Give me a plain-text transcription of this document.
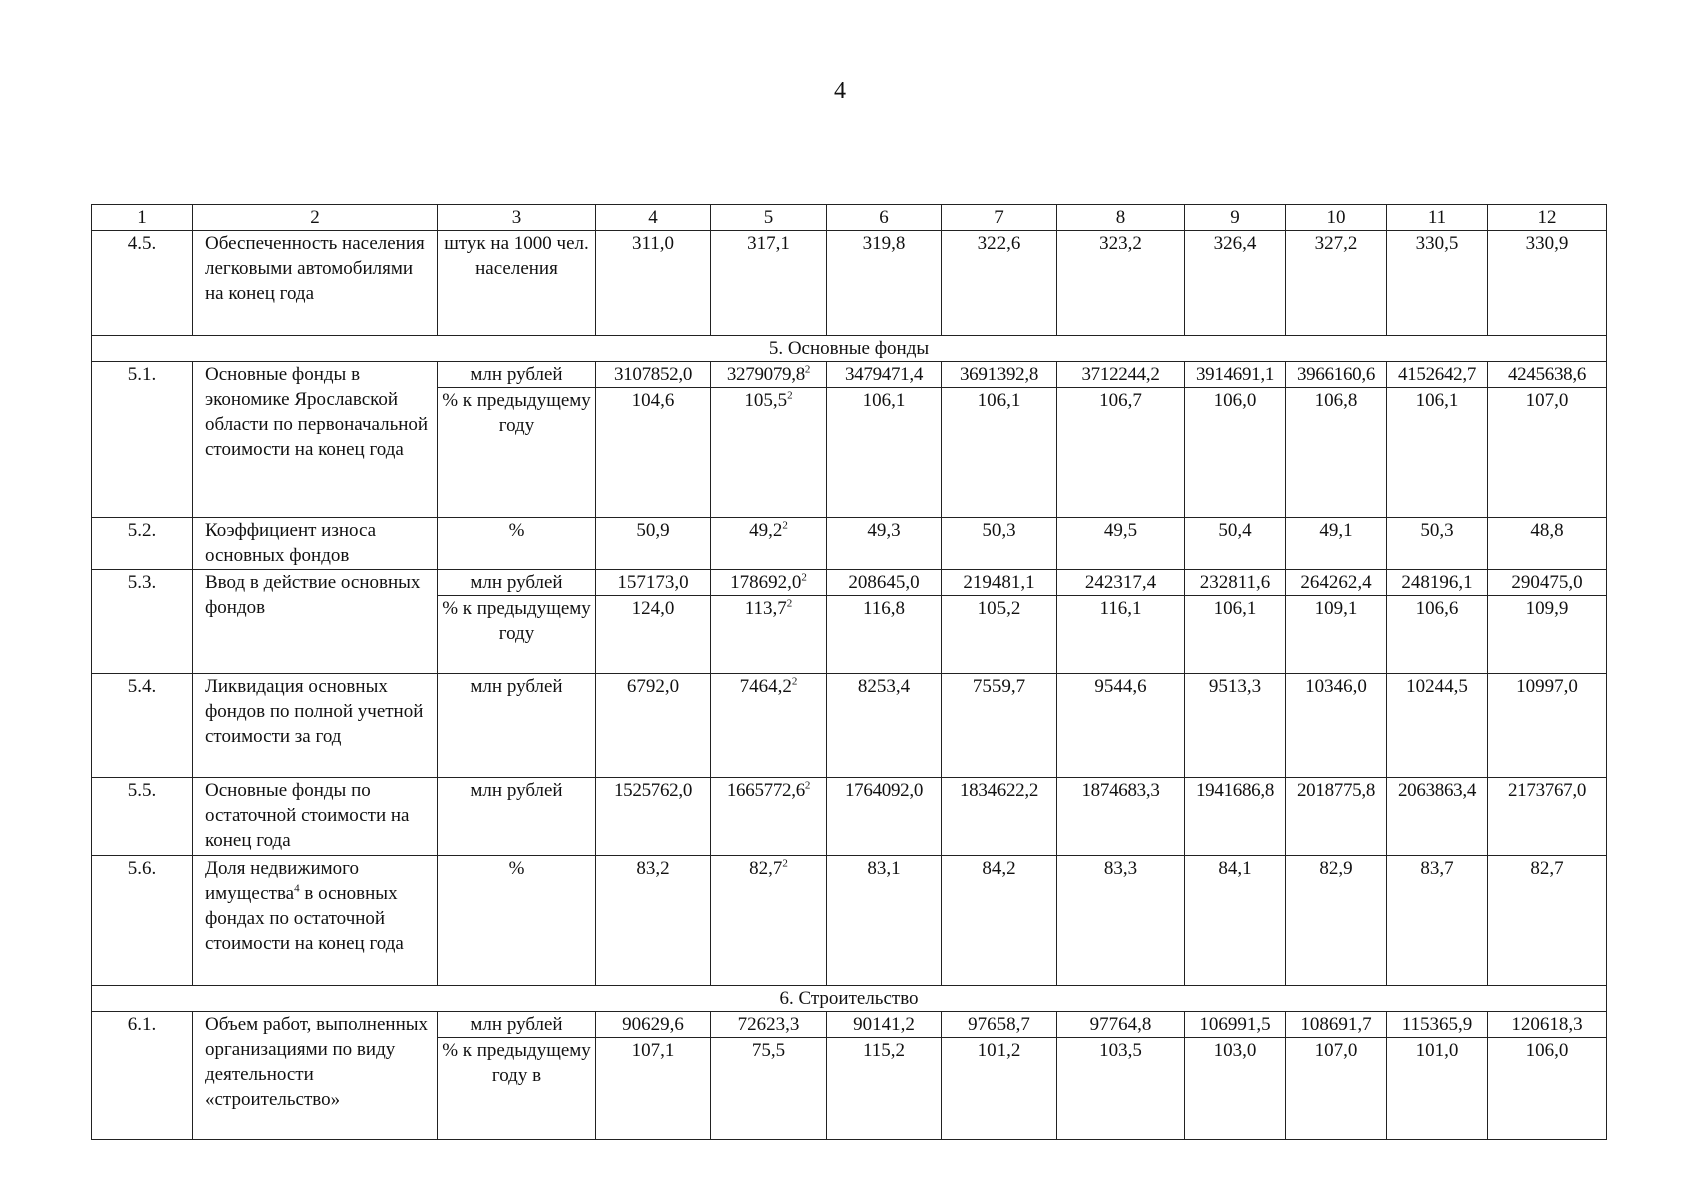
4
1	2	3	4	5	6	7	8	9	10	11	12
4.5.	Обеспеченность населения легковыми автомобилями на конец года	штук на 1000 чел. населения	311,0	317,1	319,8	322,6	323,2	326,4	327,2	330,5	330,9
5. Основные фонды											
5.1.	Основные фонды в экономике Ярославской области по первоначальной стоимости на конец года	млн рублей	3107852,0	3279079,8$^2$	3479471,4	3691392,8	3712244,2	3914691,1	3966160,6	4152642,7	4245638,6
		% к предыдущему году	104,6	105,5$^2$	106,1	106,1	106,7	106,0	106,8	106,1	107,0
5.2.	Коэффициент износа основных фондов	%	50,9	49,2$^2$	49,3	50,3	49,5	50,4	49,1	50,3	48,8
5.3.	Ввод в действие основных фондов	млн рублей	157173,0	178692,0$^2$	208645,0	219481,1	242317,4	232811,6	264262,4	248196,1	290475,0
		% к предыдущему году	124,0	113,7$^2$	116,8	105,2	116,1	106,1	109,1	106,6	109,9
5.4.	Ликвидация основных фондов по полной учетной стоимости за год	млн рублей	6792,0	7464,2$^2$	8253,4	7559,7	9544,6	9513,3	10346,0	10244,5	10997,0
5.5.	Основные фонды по остаточной стоимости на конец года	млн рублей	1525762,0	1665772,6$^2$	1764092,0	1834622,2	1874683,3	1941686,8	2018775,8	2063863,4	2173767,0
5.6.	Доля недвижимого имущества$^4$ в основных фондах по остаточной стоимости на конец года	%	83,2	82,7$^2$	83,1	84,2	83,3	84,1	82,9	83,7	82,7
6. Строительство											
6.1.	Объем работ, выполненных организациями по виду деятельности «строительство»	млн рублей	90629,6	72623,3	90141,2	97658,7	97764,8	106991,5	108691,7	115365,9	120618,3
		% к предыдущему году в	107,1	75,5	115,2	101,2	103,5	103,0	107,0	101,0	106,0
